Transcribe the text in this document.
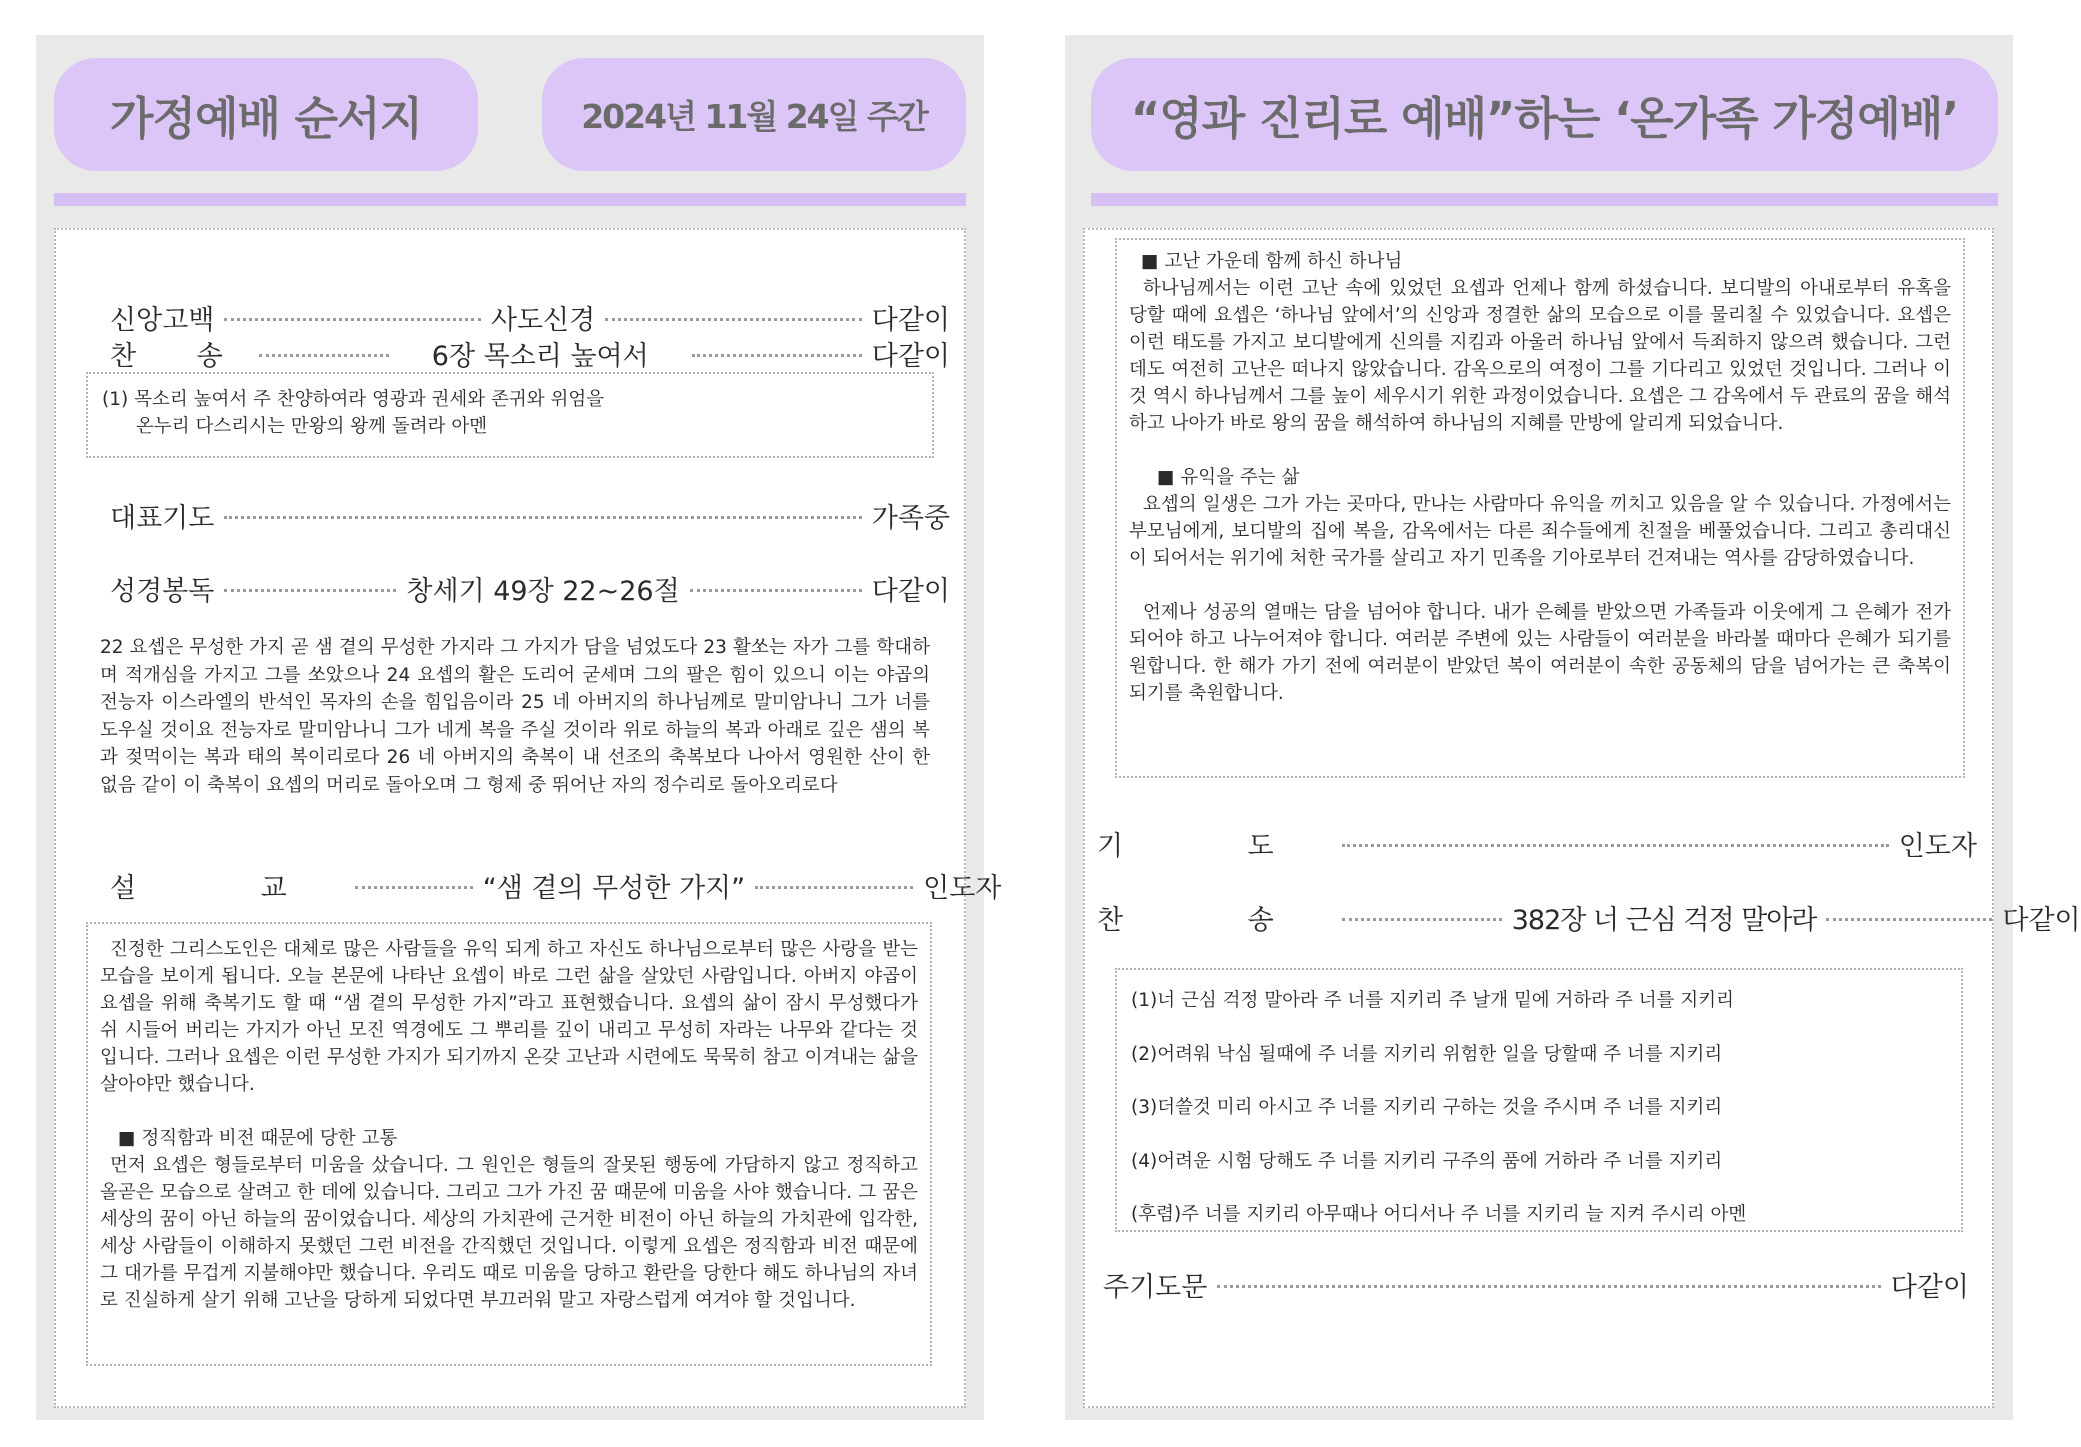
가정예배 순서지	2024년 11월 24일 주간
신앙고백	사도신경	다같이
찬 송	6장 목소리 높여서	다같이

(1) 목소리 높여서 주 찬양하여라 영광과 권세와 존귀와 위엄을

온누리 다스리시는 만왕의 왕께 돌려라 아멘

대표기도	가족중
성경봉독	창세기 49장 22~26절	다같이
22 요셉은 무성한 가지 곧 샘 곁의 무성한 가지라 그 가지가 담을 넘었도다 23 활쏘는 자가 그를 학대하며 적개심을 가지고 그를 쏘았으나 24 요셉의 활은 도리어 굳세며 그의 팔은 힘이 있으니 이는 야곱의 전능자 이스라엘의 반석인 목자의 손을 힘입음이라 25 네 아버지의 하나님께로 말미암나니 그가 너를 도우실 것이요 전능자로 말미암나니 그가 네게 복을 주실 것이라 위로 하늘의 복과 아래로 깊은 샘의 복과 젖먹이는 복과 태의 복이리로다 26 네 아버지의 축복이 내 선조의 축복보다 나아서 영원한 산이 한 없음 같이 이 축복이 요셉의 머리로 돌아오며 그 형제 중 뛰어난 자의 정수리로 돌아오리로다
설 교	“샘 곁의 무성한 가지”	인도자

진정한 그리스도인은 대체로 많은 사람들을 유익 되게 하고 자신도 하나님으로부터 많은 사랑을 받는 모습을 보이게 됩니다. 오늘 본문에 나타난 요셉이 바로 그런 삶을 살았던 사람입니다. 아버지 야곱이 요셉을 위해 축복기도 할 때 “샘 곁의 무성한 가지”라고 표현했습니다. 요셉의 삶이 잠시 무성했다가 쉬 시들어 버리는 가지가 아닌 모진 역경에도 그 뿌리를 깊이 내리고 무성히 자라는 나무와 같다는 것입니다. 그러나 요셉은 이런 무성한 가지가 되기까지 온갖 고난과 시련에도 묵묵히 참고 이겨내는 삶을 살아야만 했습니다.

■ 정직함과 비전 때문에 당한 고통

먼저 요셉은 형들로부터 미움을 샀습니다. 그 원인은 형들의 잘못된 행동에 가담하지 않고 정직하고 올곧은 모습으로 살려고 한 데에 있습니다. 그리고 그가 가진 꿈 때문에 미움을 사야 했습니다. 그 꿈은 세상의 꿈이 아닌 하늘의 꿈이었습니다. 세상의 가치관에 근거한 비전이 아닌 하늘의 가치관에 입각한, 세상 사람들이 이해하지 못했던 그런 비전을 간직했던 것입니다. 이렇게 요셉은 정직함과 비전 때문에 그 대가를 무겁게 지불해야만 했습니다. 우리도 때로 미움을 당하고 환란을 당한다 해도 하나님의 자녀로 진실하게 살기 위해 고난을 당하게 되었다면 부끄러워 말고 자랑스럽게 여겨야 할 것입니다.

“영과 진리로 예배”하는 ‘온가족 가정예배’

■ 고난 가운데 함께 하신 하나님

하나님께서는 이런 고난 속에 있었던 요셉과 언제나 함께 하셨습니다. 보디발의 아내로부터 유혹을 당할 때에 요셉은 ‘하나님 앞에서’의 신앙과 정결한 삶의 모습으로 이를 물리칠 수 있었습니다. 요셉은 이런 태도를 가지고 보디발에게 신의를 지킴과 아울러 하나님 앞에서 득죄하지 않으려 했습니다. 그런데도 여전히 고난은 떠나지 않았습니다. 감옥으로의 여정이 그를 기다리고 있었던 것입니다. 그러나 이것 역시 하나님께서 그를 높이 세우시기 위한 과정이었습니다. 요셉은 그 감옥에서 두 관료의 꿈을 해석하고 나아가 바로 왕의 꿈을 해석하여 하나님의 지혜를 만방에 알리게 되었습니다.

■ 유익을 주는 삶

요셉의 일생은 그가 가는 곳마다, 만나는 사람마다 유익을 끼치고 있음을 알 수 있습니다. 가정에서는 부모님에게, 보디발의 집에 복을, 감옥에서는 다른 죄수들에게 친절을 베풀었습니다. 그리고 총리대신이 되어서는 위기에 처한 국가를 살리고 자기 민족을 기아로부터 건져내는 역사를 감당하였습니다.

언제나 성공의 열매는 담을 넘어야 합니다. 내가 은혜를 받았으면 가족들과 이웃에게 그 은혜가 전가되어야 하고 나누어져야 합니다. 여러분 주변에 있는 사람들이 여러분을 바라볼 때마다 은혜가 되기를 원합니다. 한 해가 가기 전에 여러분이 받았던 복이 여러분이 속한 공동체의 담을 넘어가는 큰 축복이 되기를 축원합니다.

기 도	인도자
찬 송	382장 너 근심 걱정 말아라	다같이
(1)너 근심 걱정 말아라 주 너를 지키리 주 날개 밑에 거하라 주 너를 지키리
(2)어려워 낙심 될때에 주 너를 지키리 위험한 일을 당할때 주 너를 지키리
(3)더쓸것 미리 아시고 주 너를 지키리 구하는 것을 주시며 주 너를 지키리
(4)어려운 시험 당해도 주 너를 지키리 구주의 품에 거하라 주 너를 지키리
(후렴)주 너를 지키리 아무때나 어디서나 주 너를 지키리 늘 지켜 주시리 아멘
주기도문	다같이
